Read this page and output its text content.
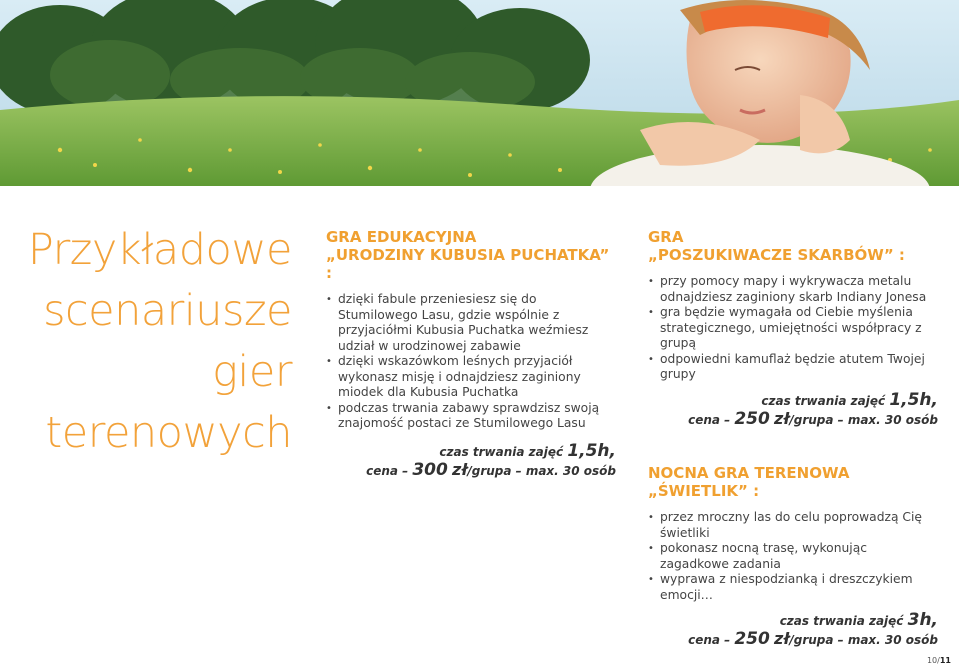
Przykładowe
scenariusze
gier
terenowych
GRA EDUKACYJNA
„URODZINY KUBUSIA PUCHATKA” :
• dzięki fabule przeniesiesz się do Stumilowego Lasu, gdzie wspólnie z przyjaciółmi Kubusia Puchatka weźmiesz udział w urodzinowej zabawie
• dzięki wskazówkom leśnych przyjaciół wykonasz misję i odnajdziesz zaginiony miodek dla Kubusia Puchatka
• podczas trwania zabawy sprawdzisz swoją znajomość postaci ze Stumilowego Lasu
czas trwania zajęć 1,5h,
cena – 300 zł/grupa – max. 30 osób
GRA
„POSZUKIWACZE SKARBÓW” :
• przy pomocy mapy i wykrywacza metalu odnajdziesz zaginiony skarb Indiany Jonesa
• gra będzie wymagała od Ciebie myślenia strategicznego, umiejętności współpracy z grupą
• odpowiedni kamuflaż będzie atutem Twojej grupy
czas trwania zajęć 1,5h,
cena – 250 zł/grupa – max. 30 osób
NOCNA GRA TERENOWA
„ŚWIETLIK” :
• przez mroczny las do celu poprowadzą Cię świetliki
• pokonasz nocną trasę, wykonując zagadkowe zadania
• wyprawa z niespodzianką i dreszczykiem emocji…
czas trwania zajęć 3h,
cena – 250 zł/grupa – max. 30 osób
10/11
